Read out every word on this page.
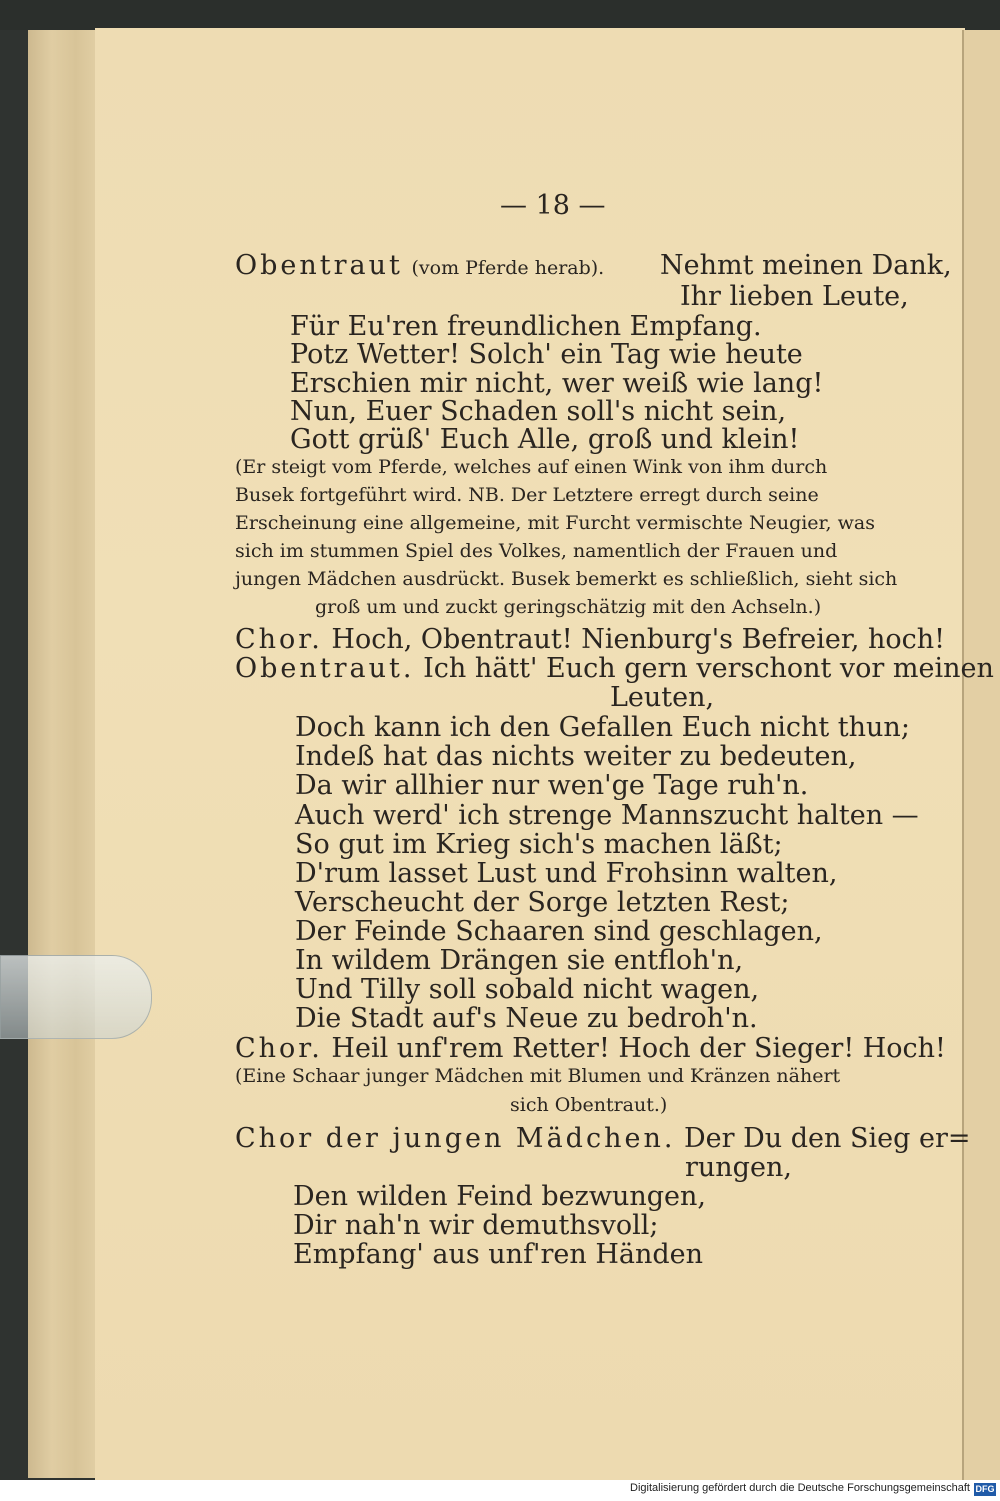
— 18 —
Obentraut (vom Pferde herab). Nehmt meinen Dank,
Ihr lieben Leute,
Für Eu'ren freundlichen Empfang.
Potz Wetter! Solch' ein Tag wie heute
Erschien mir nicht, wer weiß wie lang!
Nun, Euer Schaden soll's nicht sein,
Gott grüß' Euch Alle, groß und klein!
(Er steigt vom Pferde, welches auf einen Wink von ihm durch
Busek fortgeführt wird. NB. Der Letztere erregt durch seine
Erscheinung eine allgemeine, mit Furcht vermischte Neugier, was
sich im stummen Spiel des Volkes, namentlich der Frauen und
jungen Mädchen ausdrückt. Busek bemerkt es schließlich, sieht sich
groß um und zuckt geringschätzig mit den Achseln.)
Chor. Hoch, Obentraut! Nienburg's Befreier, hoch!
Obentraut. Ich hätt' Euch gern verschont vor meinen
Leuten,
Doch kann ich den Gefallen Euch nicht thun;
Indeß hat das nichts weiter zu bedeuten,
Da wir allhier nur wen'ge Tage ruh'n.
Auch werd' ich strenge Mannszucht halten —
So gut im Krieg sich's machen läßt;
D'rum lasset Lust und Frohsinn walten,
Verscheucht der Sorge letzten Rest;
Der Feinde Schaaren sind geschlagen,
In wildem Drängen sie entfloh'n,
Und Tilly soll sobald nicht wagen,
Die Stadt auf's Neue zu bedroh'n.
Chor. Heil unf'rem Retter! Hoch der Sieger! Hoch!
(Eine Schaar junger Mädchen mit Blumen und Kränzen nähert
sich Obentraut.)
Chor der jungen Mädchen. Der Du den Sieg er=
rungen,
Den wilden Feind bezwungen,
Dir nah'n wir demuthsvoll;
Empfang' aus unf'ren Händen
Digitalisierung gefördert durch die Deutsche Forschungsgemeinschaft DFG
